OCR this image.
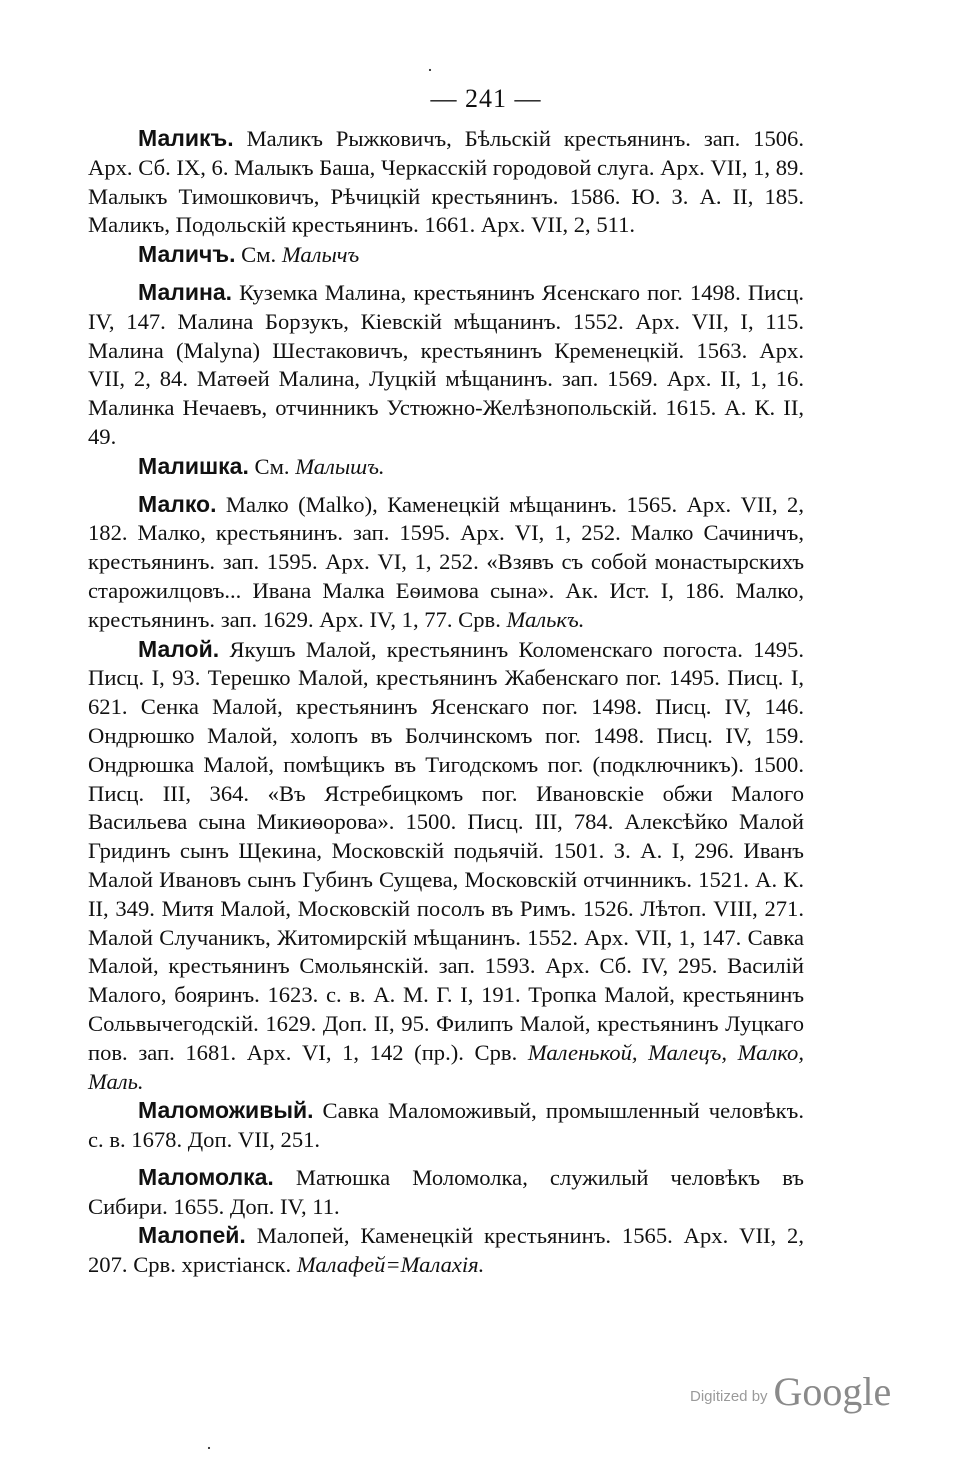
·
·
— 241 —

Маликъ. Маликъ Рыжковичъ, Бѣльскій крестьянинъ. зап. 1506. Арх. Сб. IX, 6. Малыкъ Баша, Черкасскій городовой слуга. Арх. VII, 1, 89. Малыкъ Тимошковичъ, Рѣчицкій крестьянинъ. 1586. Ю. З. А. II, 185. Маликъ, Подольскій крестьянинъ. 1661. Арх. VII, 2, 511.

Маличъ. См. Малычъ

Малина. Куземка Малина, крестьянинъ Ясенскаго пог. 1498. Писц. IV, 147. Малина Борзукъ, Кіевскій мѣщанинъ. 1552. Арх. VII, I, 115. Малина (Malyna) Шестаковичъ, крестьянинъ Кременецкій. 1563. Арх. VII, 2, 84. Матѳей Малина, Луцкій мѣщанинъ. зап. 1569. Арх. II, 1, 16. Малинка Нечаевъ, отчинникъ Устюжно-Желѣзнопольскій. 1615. А. К. II, 49.

Малишка. См. Малышъ.

Малко. Малко (Malko), Каменецкій мѣщанинъ. 1565. Арх. VII, 2, 182. Малко, крестьянинъ. зап. 1595. Арх. VI, 1, 252. Малко Сачиничъ, крестьянинъ. зап. 1595. Арх. VI, 1, 252. «Взявъ съ собой монастырскихъ старожилцовъ... Ивана Малка Еѳимова сына». Ак. Ист. I, 186. Малко, крестьянинъ. зап. 1629. Арх. IV, 1, 77. Срв. Малькъ.

Малой. Якушъ Малой, крестьянинъ Коломенскаго погоста. 1495. Писц. I, 93. Терешко Малой, крестьянинъ Жабенскаго пог. 1495. Писц. I, 621. Сенка Малой, крестьянинъ Ясенскаго пог. 1498. Писц. IV, 146. Ондрюшко Малой, холопъ въ Болчинскомъ пог. 1498. Писц. IV, 159. Ондрюшка Малой, помѣщикъ въ Тигодскомъ пог. (подключникъ). 1500. Писц. III, 364. «Въ Ястребицкомъ пог. Ивановскіе обжи Малого Васильева сына Микиѳорова». 1500. Писц. III, 784. Алексѣйко Малой Гридинъ сынъ Щекина, Московскій подьячій. 1501. З. А. I, 296. Иванъ Малой Ивановъ сынъ Губинъ Сущева, Московскій отчинникъ. 1521. А. К. II, 349. Митя Малой, Московскій посолъ въ Римъ. 1526. Лѣтоп. VIII, 271. Малой Случаникъ, Житомирскій мѣщанинъ. 1552. Арх. VII, 1, 147. Савка Малой, крестьянинъ Смольянскій. зап. 1593. Арх. Сб. IV, 295. Василій Малого, бояринъ. 1623. с. в. А. М. Г. I, 191. Тропка Малой, крестьянинъ Сольвычегодскій. 1629. Доп. II, 95. Филипъ Малой, крестьянинъ Луцкаго пов. зап. 1681. Арх. VI, 1, 142 (пр.). Срв. Маленькой, Малецъ, Малко, Маль.

Маломоживый. Савка Маломоживый, промышленный человѣкъ. с. в. 1678. Доп. VII, 251.

Маломолка. Матюшка Моломолка, служилый человѣкъ въ Сибири. 1655. Доп. IV, 11.

Малопей. Малопей, Каменецкій крестьянинъ. 1565. Арх. VII, 2, 207. Срв. христіанск. Малафей=Малахія.

Digitized by Google
